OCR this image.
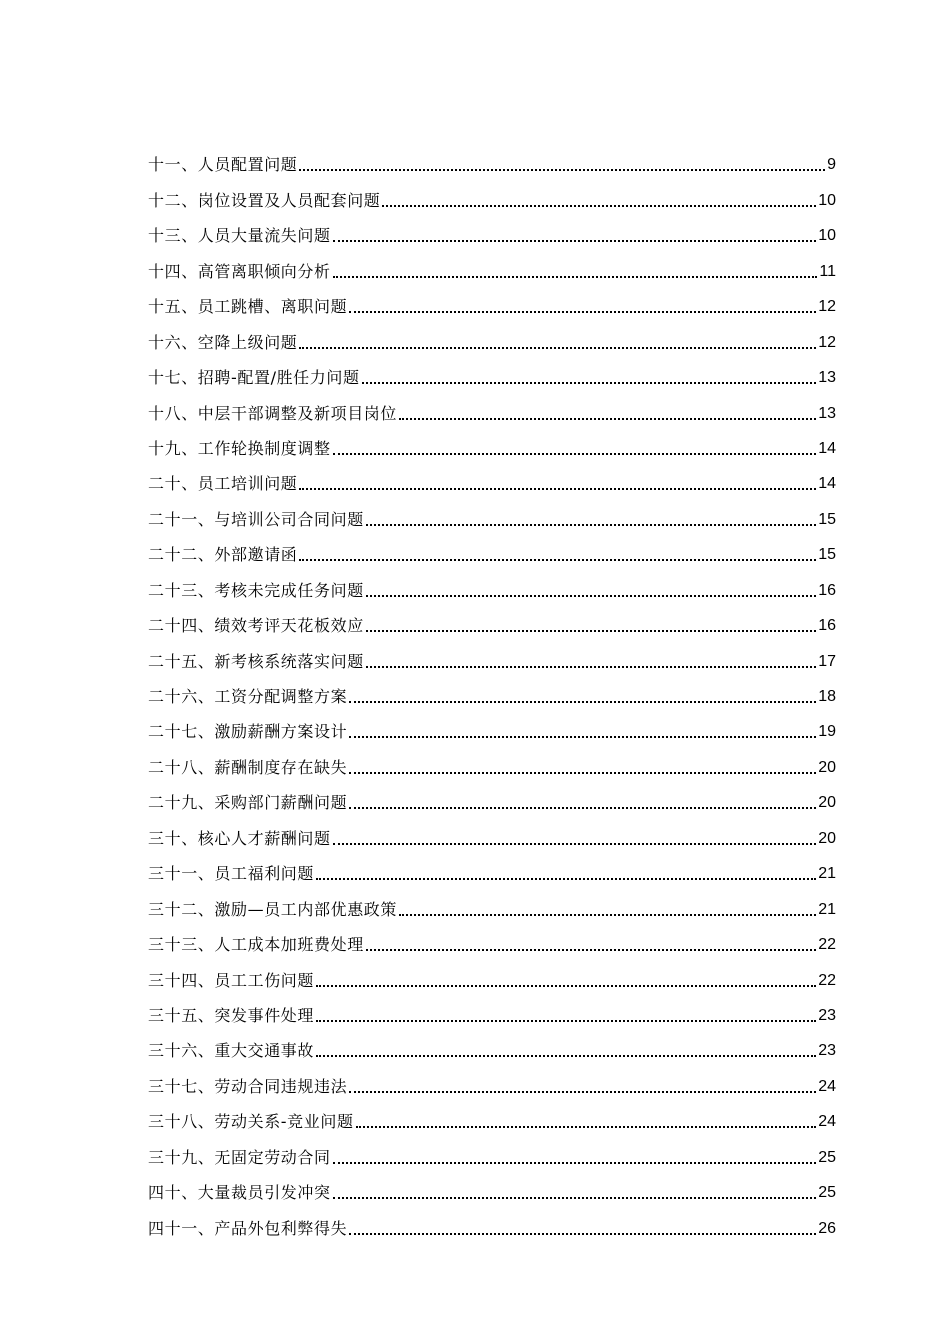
十一、人员配置问题	9
十二、岗位设置及人员配套问题	10
十三、人员大量流失问题	10
十四、高管离职倾向分析	11
十五、员工跳槽、离职问题	12
十六、空降上级问题	12
十七、招聘-配置/胜任力问题	13
十八、中层干部调整及新项目岗位	13
十九、工作轮换制度调整	14
二十、员工培训问题	14
二十一、与培训公司合同问题	15
二十二、外部邀请函	15
二十三、考核未完成任务问题	16
二十四、绩效考评天花板效应	16
二十五、新考核系统落实问题	17
二十六、工资分配调整方案	18
二十七、激励薪酬方案设计	19
二十八、薪酬制度存在缺失	20
二十九、采购部门薪酬问题	20
三十、核心人才薪酬问题	20
三十一、员工福利问题	21
三十二、激励—员工内部优惠政策	21
三十三、人工成本加班费处理	22
三十四、员工工伤问题	22
三十五、突发事件处理	23
三十六、重大交通事故	23
三十七、劳动合同违规违法	24
三十八、劳动关系-竞业问题	24
三十九、无固定劳动合同	25
四十、大量裁员引发冲突	25
四十一、产品外包利弊得失	26
